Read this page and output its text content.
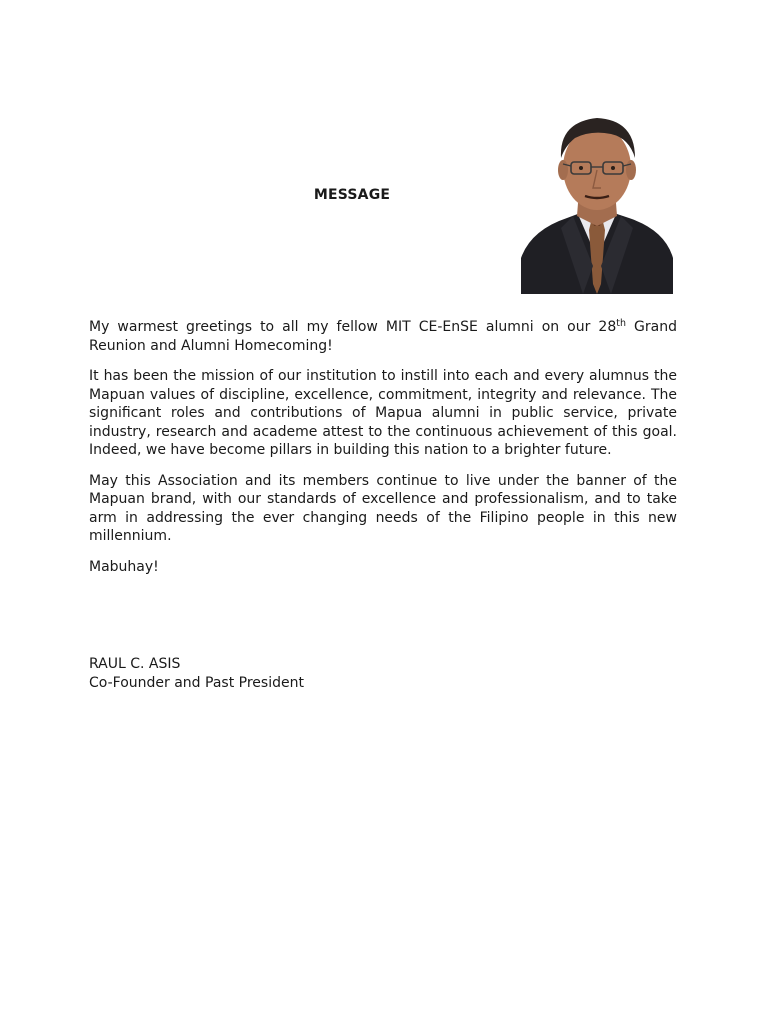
MESSAGE

My warmest greetings to all my fellow MIT CE-EnSE alumni on our 28th Grand Reunion and Alumni Homecoming!

It has been the mission of our institution to instill into each and every alumnus the Mapuan values of discipline, excellence, commitment, integrity and relevance. The significant roles and contributions of Mapua alumni in public service, private industry, research and academe attest to the continuous achievement of this goal. Indeed, we have become pillars in building this nation to a brighter future.

May this Association and its members continue to live under the banner of the Mapuan brand, with our standards of excellence and professionalism, and to take arm in addressing the ever changing needs of the Filipino people in this new millennium.

Mabuhay!

RAUL C. ASIS
Co-Founder and Past President
